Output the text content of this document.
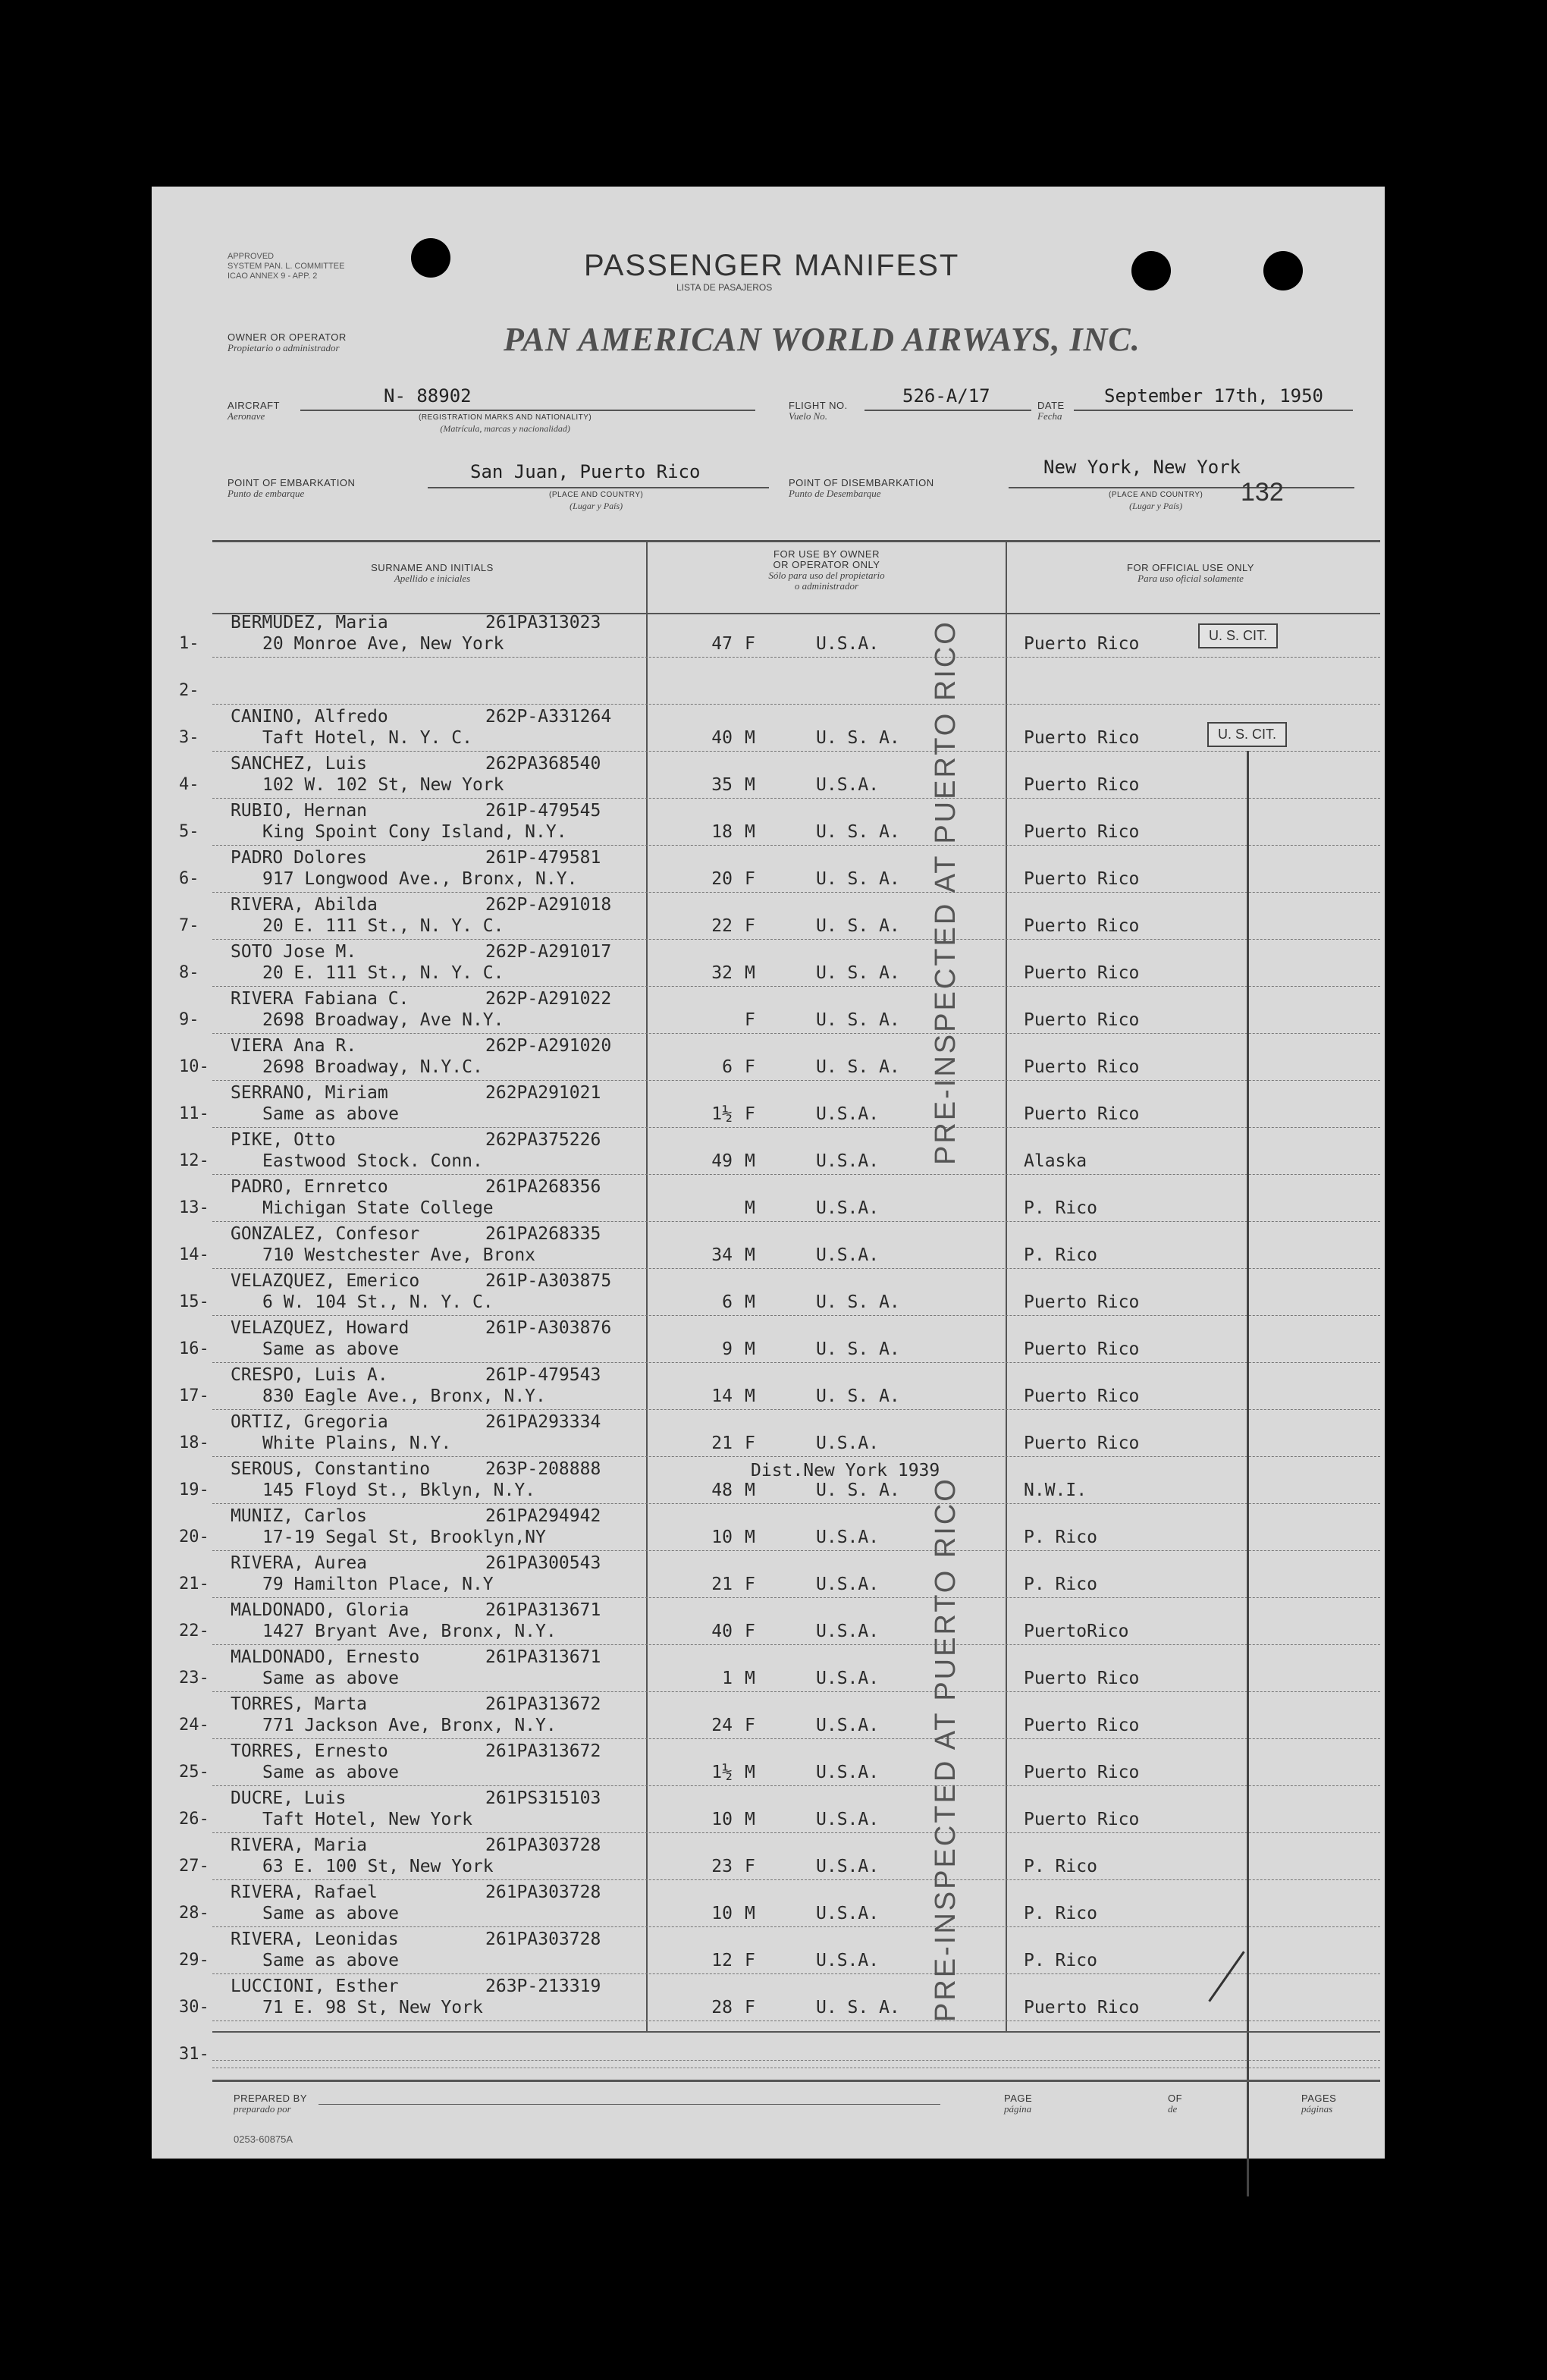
APPROVED
SYSTEM PAN. L. COMMITTEE
ICAO ANNEX 9 - APP. 2	PASSENGER MANIFEST
LISTA DE PASAJEROS
OWNER OR OPERATOR
Propietario o administrador	PAN AMERICAN WORLD AIRWAYS, INC.
AIRCRAFT
Aeronave
N- 88902
(REGISTRATION MARKS AND NATIONALITY)
(Matrícula, marcas y nacionalidad)
FLIGHT NO.
Vuelo No.
526-A/17	DATE
Fecha
September 17th, 1950
POINT OF EMBARKATION
Punto de embarque
San Juan, Puerto Rico
(PLACE AND COUNTRY)
(Lugar y País)
POINT OF DISEMBARKATION
Punto de Desembarque
New York, New York
(PLACE AND COUNTRY)
(Lugar y País)	132
SURNAME AND INITIALS
Apellido e iniciales
FOR USE BY OWNER
OR OPERATOR ONLY
Sólo para uso del propietario
o administrador
FOR OFFICIAL USE ONLY
Para uso oficial solamente
1-
BERMUDEZ, Maria	261PA313023
20 Monroe Ave, New York	47 F	U.S.A.	Puerto Rico
2-
3-
CANINO, Alfredo	262P-A331264
Taft Hotel, N. Y. C.	40 M	U. S. A.	Puerto Rico
4-
SANCHEZ, Luis	262PA368540
102 W. 102 St, New York	35 M	U.S.A.	Puerto Rico
5-
RUBIO, Hernan	261P-479545
King Spoint Cony Island, N.Y.	18 M	U. S. A.	Puerto Rico
6-
PADRO Dolores	261P-479581
917 Longwood Ave., Bronx, N.Y.	20 F	U. S. A.	Puerto Rico
7-
RIVERA, Abilda	262P-A291018
20 E. 111 St., N. Y. C.	22 F	U. S. A.	Puerto Rico
8-
SOTO Jose M.	262P-A291017
20 E. 111 St., N. Y. C.	32 M	U. S. A.	Puerto Rico
9-
RIVERA Fabiana C.	262P-A291022
2698 Broadway, Ave N.Y.	F	U. S. A.	Puerto Rico
10-
VIERA Ana R.	262P-A291020
2698 Broadway, N.Y.C.	6 F	U. S. A.	Puerto Rico
11-
SERRANO, Miriam	262PA291021
Same as above	1½ F	U.S.A.	Puerto Rico
12-
PIKE, Otto	262PA375226
Eastwood Stock. Conn.	49 M	U.S.A.	Alaska
13-
PADRO, Ernretco	261PA268356
Michigan State College	M	U.S.A.	P. Rico
14-
GONZALEZ, Confesor	261PA268335
710 Westchester Ave, Bronx	34 M	U.S.A.	P. Rico
15-
VELAZQUEZ, Emerico	261P-A303875
6 W. 104 St., N. Y. C.	6 M	U. S. A.	Puerto Rico
16-
VELAZQUEZ, Howard	261P-A303876
Same as above	9 M	U. S. A.	Puerto Rico
17-
CRESPO, Luis A.	261P-479543
830 Eagle Ave., Bronx, N.Y.	14 M	U. S. A.	Puerto Rico
18-
ORTIZ, Gregoria	261PA293334
White Plains, N.Y.	21 F	U.S.A.	Puerto Rico
19-
SEROUS, Constantino	263P-208888
145 Floyd St., Bklyn, N.Y.	48 M	U. S. A.	N.W.I.
Dist.New York 1939
20-
MUNIZ, Carlos	261PA294942
17-19 Segal St, Brooklyn,NY	10 M	U.S.A.	P. Rico
21-
RIVERA, Aurea	261PA300543
79 Hamilton Place, N.Y	21 F	U.S.A.	P. Rico
22-
MALDONADO, Gloria	261PA313671
1427 Bryant Ave, Bronx, N.Y.	40 F	U.S.A.	PuertoRico
23-
MALDONADO, Ernesto	261PA313671
Same as above	1 M	U.S.A.	Puerto Rico
24-
TORRES, Marta	261PA313672
771 Jackson Ave, Bronx, N.Y.	24 F	U.S.A.	Puerto Rico
25-
TORRES, Ernesto	261PA313672
Same as above	1½ M	U.S.A.	Puerto Rico
26-
DUCRE, Luis	261PS315103
Taft Hotel, New York	10 M	U.S.A.	Puerto Rico
27-
RIVERA, Maria	261PA303728
63 E. 100 St, New York	23 F	U.S.A.	P. Rico
28-
RIVERA, Rafael	261PA303728
Same as above	10 M	U.S.A.	P. Rico
29-
RIVERA, Leonidas	261PA303728
Same as above	12 F	U.S.A.	P. Rico
30-
LUCCIONI, Esther	263P-213319
71 E. 98 St, New York	28 F	U. S. A.	Puerto Rico
31-
U. S. CIT.
U. S. CIT.
PRE-INSPECTED AT PUERTO RICO
PRE-INSPECTED AT PUERTO RICO
PREPARED BY
preparado por
PAGE
página
OF
de
PAGES
páginas
0253-60875A
